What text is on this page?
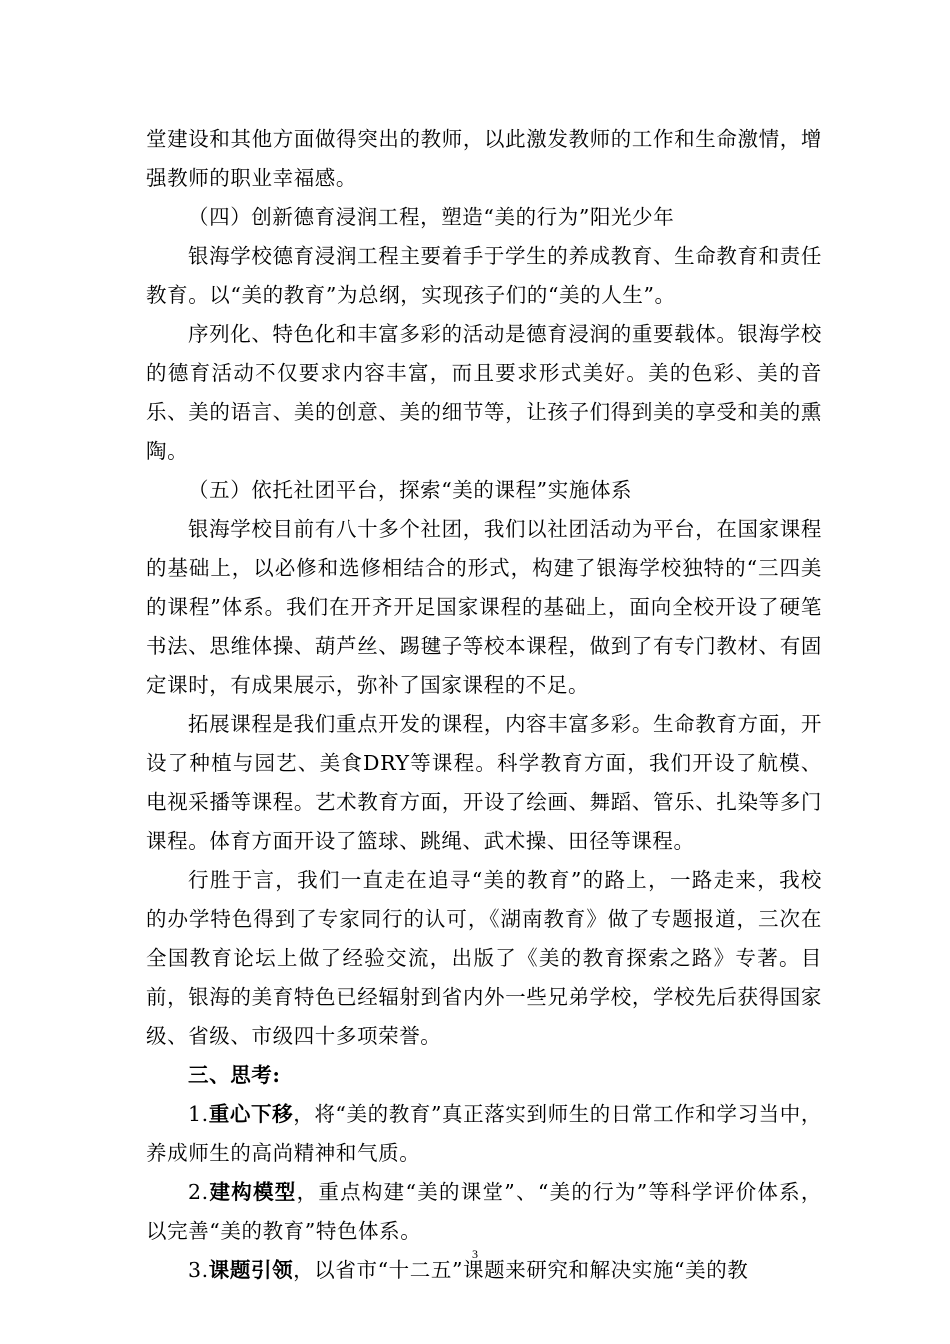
堂建设和其他方面做得突出的教师，以此激发教师的工作和生命激情，增强教师的职业幸福感。

（四）创新德育浸润工程，塑造“美的行为”阳光少年

银海学校德育浸润工程主要着手于学生的养成教育、生命教育和责任教育。以“美的教育”为总纲，实现孩子们的“美的人生”。

序列化、特色化和丰富多彩的活动是德育浸润的重要载体。银海学校的德育活动不仅要求内容丰富，而且要求形式美好。美的色彩、美的音乐、美的语言、美的创意、美的细节等，让孩子们得到美的享受和美的熏陶。

（五）依托社团平台，探索“美的课程”实施体系

银海学校目前有八十多个社团，我们以社团活动为平台，在国家课程的基础上，以必修和选修相结合的形式，构建了银海学校独特的“三四美的课程”体系。我们在开齐开足国家课程的基础上，面向全校开设了硬笔书法、思维体操、葫芦丝、踢毽子等校本课程，做到了有专门教材、有固定课时，有成果展示，弥补了国家课程的不足。

拓展课程是我们重点开发的课程，内容丰富多彩。生命教育方面，开设了种植与园艺、美食DRY等课程。科学教育方面，我们开设了航模、电视采播等课程。艺术教育方面，开设了绘画、舞蹈、管乐、扎染等多门课程。体育方面开设了篮球、跳绳、武术操、田径等课程。

行胜于言，我们一直走在追寻“美的教育”的路上，一路走来，我校的办学特色得到了专家同行的认可，《湖南教育》做了专题报道，三次在全国教育论坛上做了经验交流，出版了《美的教育探索之路》专著。目前，银海的美育特色已经辐射到省内外一些兄弟学校，学校先后获得国家级、省级、市级四十多项荣誉。

三、思考:

1.重心下移，将“美的教育”真正落实到师生的日常工作和学习当中，养成师生的高尚精神和气质。

2.建构模型，重点构建“美的课堂”、“美的行为”等科学评价体系，以完善“美的教育”特色体系。

3.课题引领，以省市“十二五”课题来研究和解决实施“美的教

3
